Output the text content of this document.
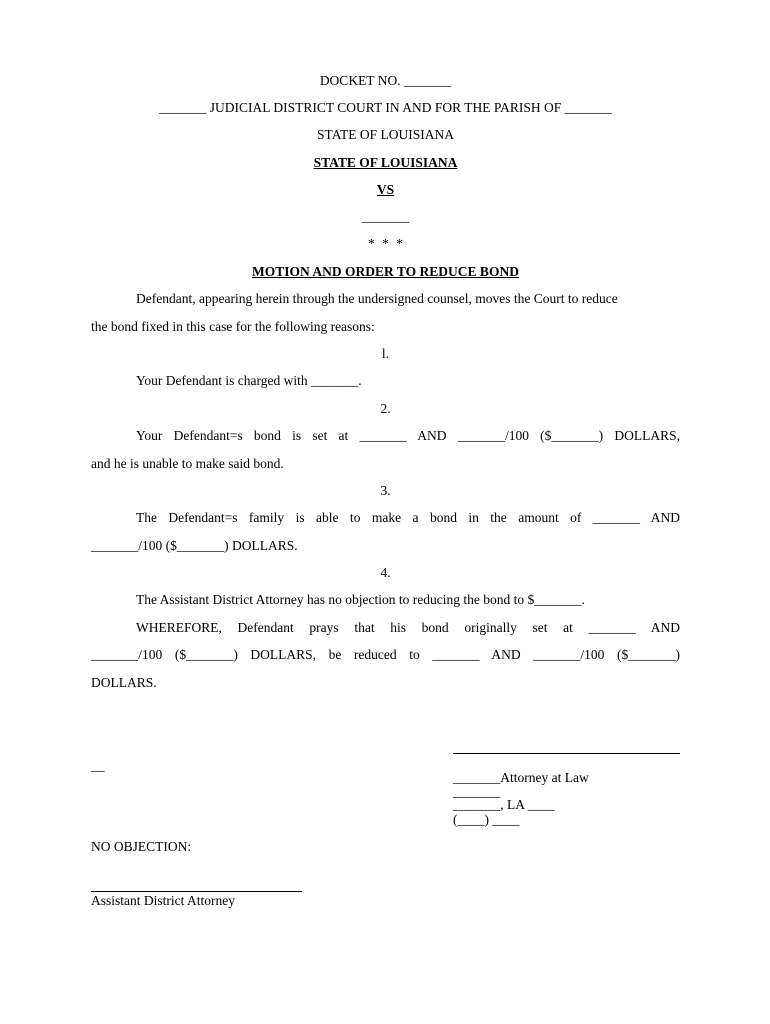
DOCKET NO. _______
_______ JUDICIAL DISTRICT COURT IN AND FOR THE PARISH OF _______
STATE OF LOUISIANA
STATE OF LOUISIANA
VS
_______
* * *
MOTION AND ORDER TO REDUCE BOND
Defendant, appearing herein through the undersigned counsel, moves the Court to reduce
the bond fixed in this case for the following reasons:
l.
Your Defendant is charged with _______.
2.
Your Defendant=s bond is set at _______ AND _______/100 ($_______) DOLLARS,
and he is unable to make said bond.
3.
The Defendant=s family is able to make a bond in the amount of _______ AND
_______/100 ($_______) DOLLARS.
4.
The Assistant District Attorney has no objection to reducing the bond to $_______.
WHEREFORE, Defendant prays that his bond originally set at _______ AND
_______/100 ($_______) DOLLARS, be reduced to _______ AND _______/100 ($_______)
DOLLARS.
__
_______Attorney at Law
_______
_______, LA ____
(____) ____
NO OBJECTION:
Assistant District Attorney
